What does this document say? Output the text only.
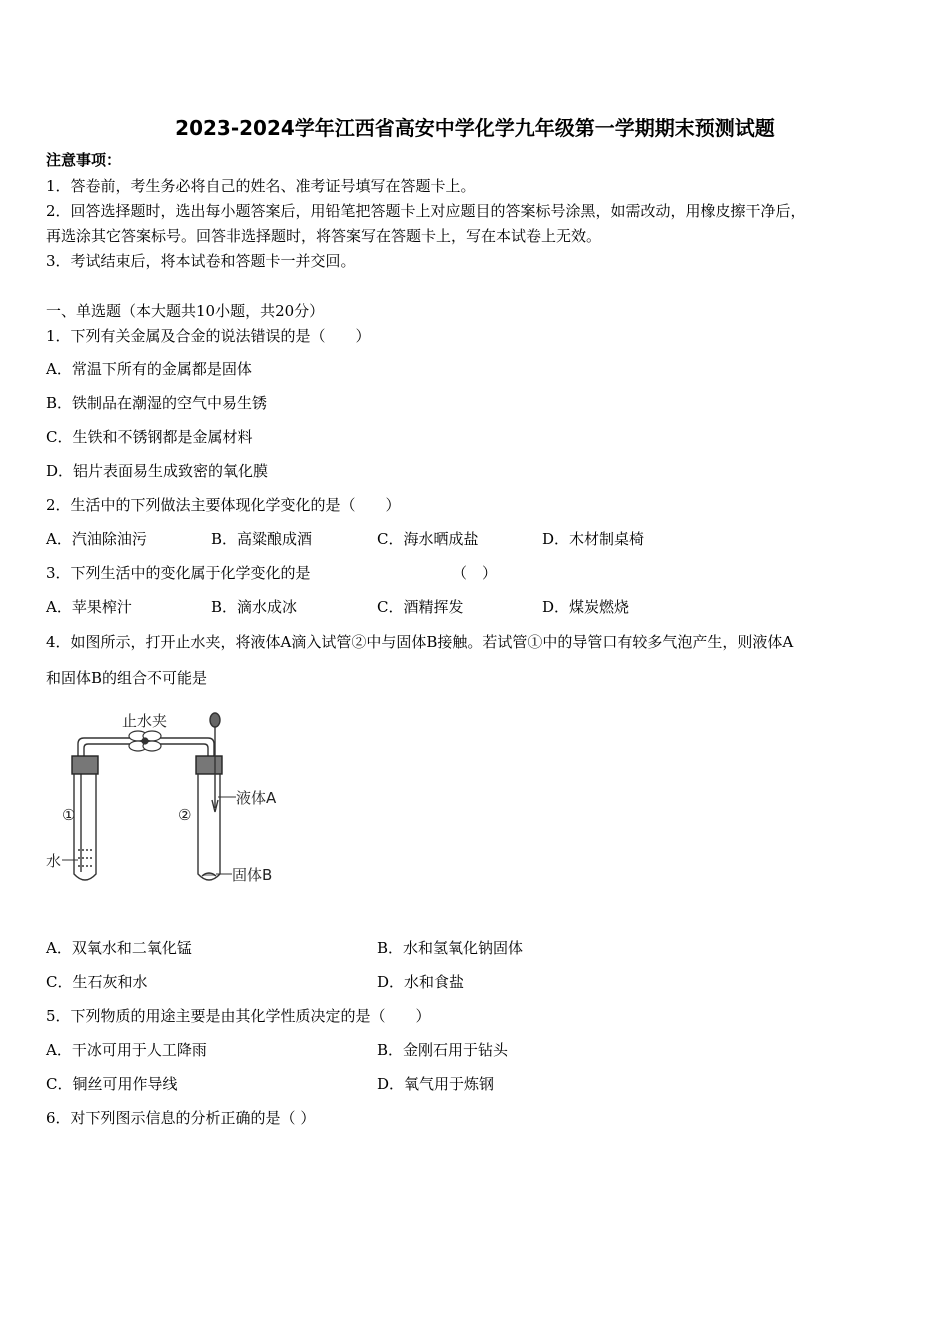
2023-2024学年江西省高安中学化学九年级第一学期期末预测试题
注意事项：
1．答卷前，考生务必将自己的姓名、准考证号填写在答题卡上。
2．回答选择题时，选出每小题答案后，用铅笔把答题卡上对应题目的答案标号涂黑，如需改动，用橡皮擦干净后，
再选涂其它答案标号。回答非选择题时，将答案写在答题卡上，写在本试卷上无效。
3．考试结束后，将本试卷和答题卡一并交回。
一、单选题（本大题共10小题，共20分）
1．下列有关金属及合金的说法错误的是（　　）
A．常温下所有的金属都是固体
B．铁制品在潮湿的空气中易生锈
C．生铁和不锈钢都是金属材料
D．铝片表面易生成致密的氧化膜
2．生活中的下列做法主要体现化学变化的是（　　）
A．汽油除油污	B．高粱酿成酒	C．海水晒成盐	D．木材制桌椅
3．下列生活中的变化属于化学变化的是	（　）
A．苹果榨汁	B．滴水成冰	C．酒精挥发	D．煤炭燃烧
4．如图所示，打开止水夹，将液体A滴入试管②中与固体B接触。若试管①中的导管口有较多气泡产生，则液体A
和固体B的组合不可能是
止水夹
①
水
②
液体A
固体B
A．双氧水和二氧化锰	B．水和氢氧化钠固体
C．生石灰和水	D．水和食盐
5．下列物质的用途主要是由其化学性质决定的是（　　）
A．干冰可用于人工降雨	B．金刚石用于钻头
C．铜丝可用作导线	D．氧气用于炼钢
6．对下列图示信息的分析正确的是（ ）
